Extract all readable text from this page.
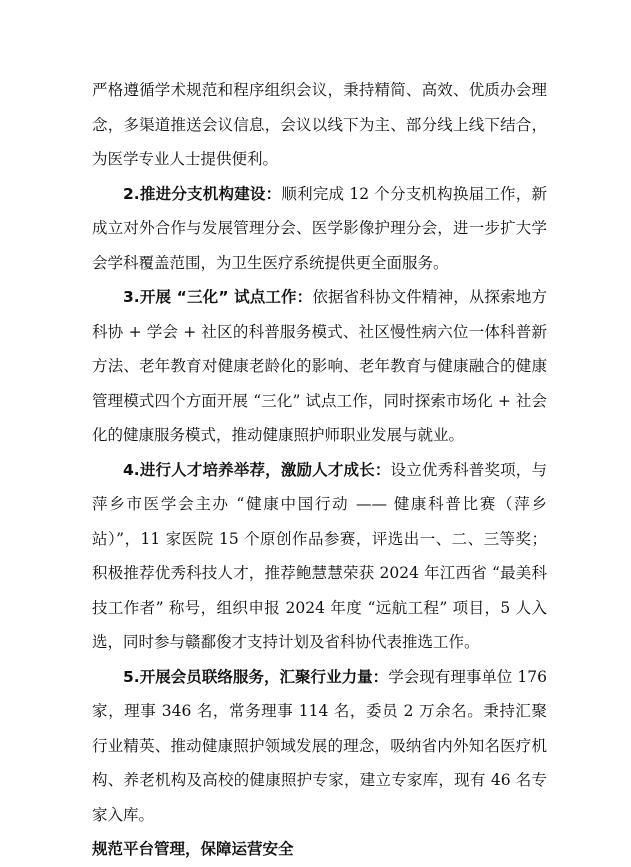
严格遵循学术规范和程序组织会议，秉持精简、高效、优质办会理念，多渠道推送会议信息，会议以线下为主、部分线上线下结合，为医学专业人士提供便利。

2.推进分支机构建设：顺利完成 12 个分支机构换届工作，新成立对外合作与发展管理分会、医学影像护理分会，进一步扩大学会学科覆盖范围，为卫生医疗系统提供更全面服务。

3.开展 “三化” 试点工作：依据省科协文件精神，从探索地方科协 + 学会 + 社区的科普服务模式、社区慢性病六位一体科普新方法、老年教育对健康老龄化的影响、老年教育与健康融合的健康管理模式四个方面开展 “三化” 试点工作，同时探索市场化 + 社会化的健康服务模式，推动健康照护师职业发展与就业。

4.进行人才培养举荐，激励人才成长：设立优秀科普奖项，与萍乡市医学会主办 “健康中国行动 —— 健康科普比赛（萍乡站）”，11 家医院 15 个原创作品参赛，评选出一、二、三等奖；积极推荐优秀科技人才，推荐鲍慧慧荣获 2024 年江西省 “最美科技工作者” 称号，组织申报 2024 年度 “远航工程” 项目，5 人入选，同时参与赣鄱俊才支持计划及省科协代表推选工作。

5.开展会员联络服务，汇聚行业力量：学会现有理事单位 176 家，理事 346 名，常务理事 114 名，委员 2 万余名。秉持汇聚行业精英、推动健康照护领域发展的理念，吸纳省内外知名医疗机构、养老机构及高校的健康照护专家，建立专家库，现有 46 名专家入库。

规范平台管理，保障运营安全
